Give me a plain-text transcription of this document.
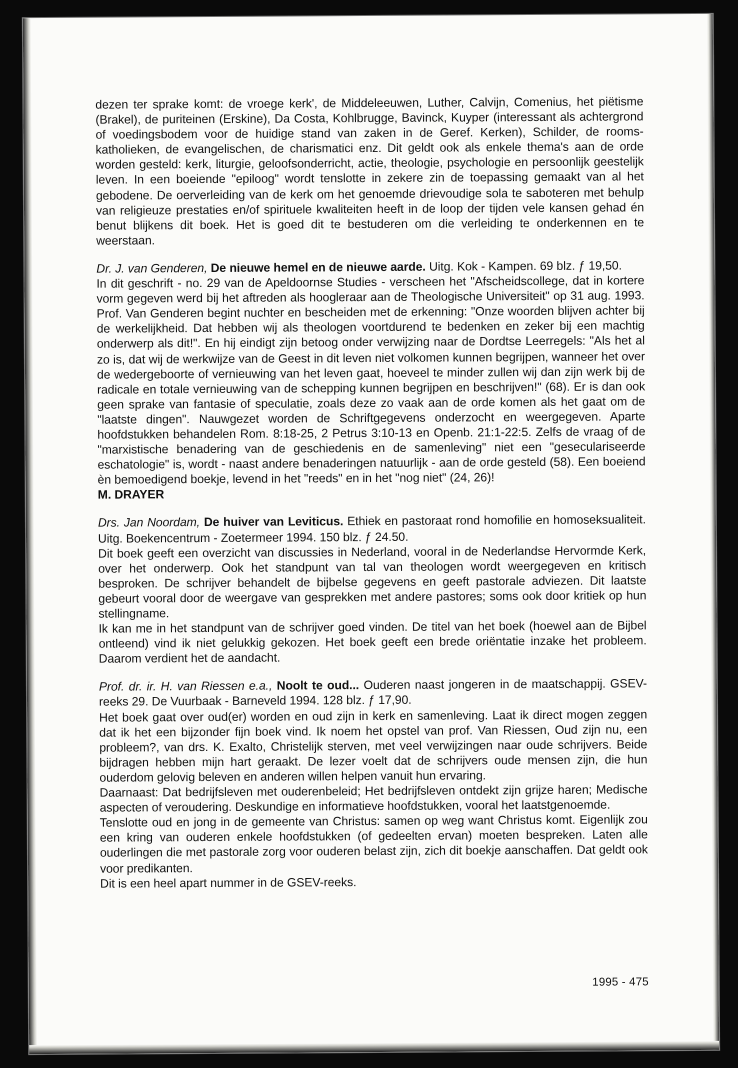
dezen ter sprake komt: de vroege kerk', de Middeleeuwen, Luther, Calvijn, Comenius, het piëtisme (Brakel), de puriteinen (Erskine), Da Costa, Kohlbrugge, Bavinck, Kuyper (interessant als achtergrond of voedingsbodem voor de huidige stand van zaken in de Geref. Kerken), Schilder, de rooms-katholieken, de evangelischen, de charismatici enz. Dit geldt ook als enkele thema's aan de orde worden gesteld: kerk, liturgie, geloofsonderricht, actie, theologie, psychologie en persoonlijk geestelijk leven. In een boeiende "epiloog" wordt tenslotte in zekere zin de toepassing gemaakt van al het gebodene. De oerverleiding van de kerk om het genoemde drievoudige sola te saboteren met behulp van religieuze prestaties en/of spirituele kwaliteiten heeft in de loop der tijden vele kansen gehad én benut blijkens dit boek. Het is goed dit te bestuderen om die verleiding te onderkennen en te weerstaan.

Dr. J. van Genderen, De nieuwe hemel en de nieuwe aarde. Uitg. Kok - Kampen. 69 blz. ƒ 19,50.

In dit geschrift - no. 29 van de Apeldoornse Studies - verscheen het "Afscheidscollege, dat in kortere vorm gegeven werd bij het aftreden als hoogleraar aan de Theologische Universiteit" op 31 aug. 1993. Prof. Van Genderen begint nuchter en bescheiden met de erkenning: "Onze woorden blijven achter bij de werkelijkheid. Dat hebben wij als theologen voortdurend te bedenken en zeker bij een machtig onderwerp als dit!". En hij eindigt zijn betoog onder verwijzing naar de Dordtse Leerregels: "Als het al zo is, dat wij de werkwijze van de Geest in dit leven niet volkomen kunnen begrijpen, wanneer het over de wedergeboorte of vernieuwing van het leven gaat, hoeveel te minder zullen wij dan zijn werk bij de radicale en totale vernieuwing van de schepping kunnen begrijpen en beschrijven!" (68). Er is dan ook geen sprake van fantasie of speculatie, zoals deze zo vaak aan de orde komen als het gaat om de "laatste dingen". Nauwgezet worden de Schriftgegevens onderzocht en weergegeven. Aparte hoofdstukken behandelen Rom. 8:18-25, 2 Petrus 3:10-13 en Openb. 21:1-22:5. Zelfs de vraag of de "marxistische benadering van de geschiedenis en de samenleving" niet een "geseculariseerde eschatologie" is, wordt - naast andere benaderingen natuurlijk - aan de orde gesteld (58). Een boeiend èn bemoedigend boekje, levend in het "reeds" en in het "nog niet" (24, 26)!

M. DRAYER

Drs. Jan Noordam, De huiver van Leviticus. Ethiek en pastoraat rond homofilie en homoseksualiteit. Uitg. Boekencentrum - Zoetermeer 1994. 150 blz. ƒ 24.50.

Dit boek geeft een overzicht van discussies in Nederland, vooral in de Nederlandse Hervormde Kerk, over het onderwerp. Ook het standpunt van tal van theologen wordt weergegeven en kritisch besproken. De schrijver behandelt de bijbelse gegevens en geeft pastorale adviezen. Dit laatste gebeurt vooral door de weergave van gesprekken met andere pastores; soms ook door kritiek op hun stellingname.
Ik kan me in het standpunt van de schrijver goed vinden. De titel van het boek (hoewel aan de Bijbel ontleend) vind ik niet gelukkig gekozen. Het boek geeft een brede oriëntatie inzake het probleem. Daarom verdient het de aandacht.

Prof. dr. ir. H. van Riessen e.a., Noolt te oud... Ouderen naast jongeren in de maatschappij. GSEV-reeks 29. De Vuurbaak - Barneveld 1994. 128 blz. ƒ 17,90.

Het boek gaat over oud(er) worden en oud zijn in kerk en samenleving. Laat ik direct mogen zeggen dat ik het een bijzonder fijn boek vind. Ik noem het opstel van prof. Van Riessen, Oud zijn nu, een probleem?, van drs. K. Exalto, Christelijk sterven, met veel verwijzingen naar oude schrijvers. Beide bijdragen hebben mijn hart geraakt. De lezer voelt dat de schrijvers oude mensen zijn, die hun ouderdom gelovig beleven en anderen willen helpen vanuit hun ervaring.
Daarnaast: Dat bedrijfsleven met ouderenbeleid; Het bedrijfsleven ontdekt zijn grijze haren; Medische aspecten of veroudering. Deskundige en informatieve hoofdstukken, vooral het laatstgenoemde.
Tenslotte oud en jong in de gemeente van Christus: samen op weg want Christus komt. Eigenlijk zou een kring van ouderen enkele hoofdstukken (of gedeelten ervan) moeten bespreken. Laten alle ouderlingen die met pastorale zorg voor ouderen belast zijn, zich dit boekje aanschaffen. Dat geldt ook voor predikanten.
Dit is een heel apart nummer in de GSEV-reeks.

1995 - 475
